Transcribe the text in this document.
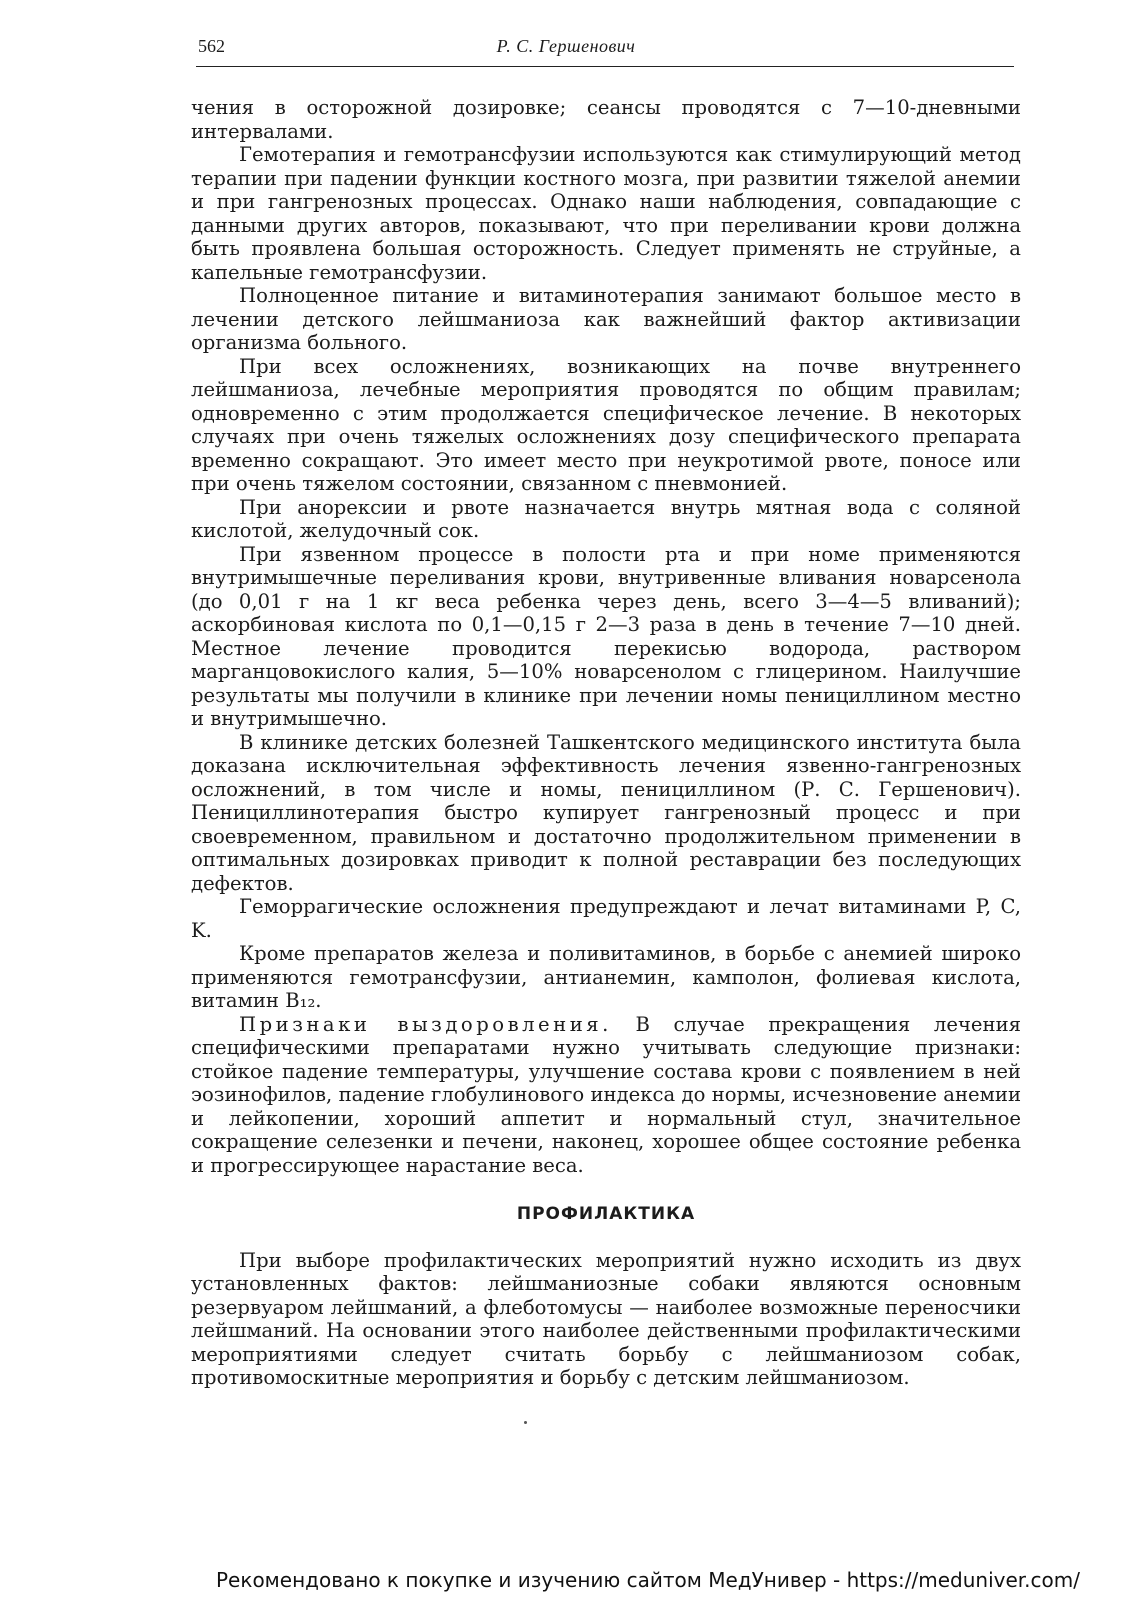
562	Р. С. Гершенович

чения в осторожной дозировке; сеансы проводятся с 7—10-дневными интервалами.

Гемотерапия и гемотрансфузии используются как стимулирующий метод терапии при падении функции костного мозга, при развитии тяжелой анемии и при гангренозных процессах. Однако наши наблюдения, совпадающие с данными других авторов, показывают, что при переливании крови должна быть проявлена большая осторожность. Следует применять не струйные, а капельные гемотрансфузии.

Полноценное питание и витаминотерапия занимают большое место в лечении детского лейшманиоза как важнейший фактор активизации организма больного.

При всех осложнениях, возникающих на почве внутреннего лейшманиоза, лечебные мероприятия проводятся по общим правилам; одновременно с этим продолжается специфическое лечение. В некоторых случаях при очень тяжелых осложнениях дозу специфического препарата временно сокращают. Это имеет место при неукротимой рвоте, поносе или при очень тяжелом состоянии, связанном с пневмонией.

При анорексии и рвоте назначается внутрь мятная вода с соляной кислотой, желудочный сок.

При язвенном процессе в полости рта и при номе применяются внутримышечные переливания крови, внутривенные вливания новарсенола (до 0,01 г на 1 кг веса ребенка через день, всего 3—4—5 вливаний); аскорбиновая кислота по 0,1—0,15 г 2—3 раза в день в течение 7—10 дней. Местное лечение проводится перекисью водорода, раствором марганцовокислого калия, 5—10% новарсенолом с глицерином. Наилучшие результаты мы получили в клинике при лечении номы пенициллином местно и внутримышечно.

В клинике детских болезней Ташкентского медицинского института была доказана исключительная эффективность лечения язвенно-гангренозных осложнений, в том числе и номы, пенициллином (Р. С. Гершенович). Пенициллинотерапия быстро купирует гангренозный процесс и при своевременном, правильном и достаточно продолжительном применении в оптимальных дозировках приводит к полной реставрации без последующих дефектов.

Геморрагические осложнения предупреждают и лечат витаминами P, C, K.

Кроме препаратов железа и поливитаминов, в борьбе с анемией широко применяются гемотрансфузии, антианемин, камполон, фолиевая кислота, витамин B₁₂.

Признаки выздоровления. В случае прекращения лечения специфическими препаратами нужно учитывать следующие признаки: стойкое падение температуры, улучшение состава крови с появлением в ней эозинофилов, падение глобулинового индекса до нормы, исчезновение анемии и лейкопении, хороший аппетит и нормальный стул, значительное сокращение селезенки и печени, наконец, хорошее общее состояние ребенка и прогрессирующее нарастание веса.

ПРОФИЛАКТИКА

При выборе профилактических мероприятий нужно исходить из двух установленных фактов: лейшманиозные собаки являются основным резервуаром лейшманий, а флеботомусы — наиболее возможные переносчики лейшманий. На основании этого наиболее действенными профилактическими мероприятиями следует считать борьбу с лейшманиозом собак, противомоскитные мероприятия и борьбу с детским лейшманиозом.

Рекомендовано к покупке и изучению сайтом МедУнивер - https://meduniver.com/
